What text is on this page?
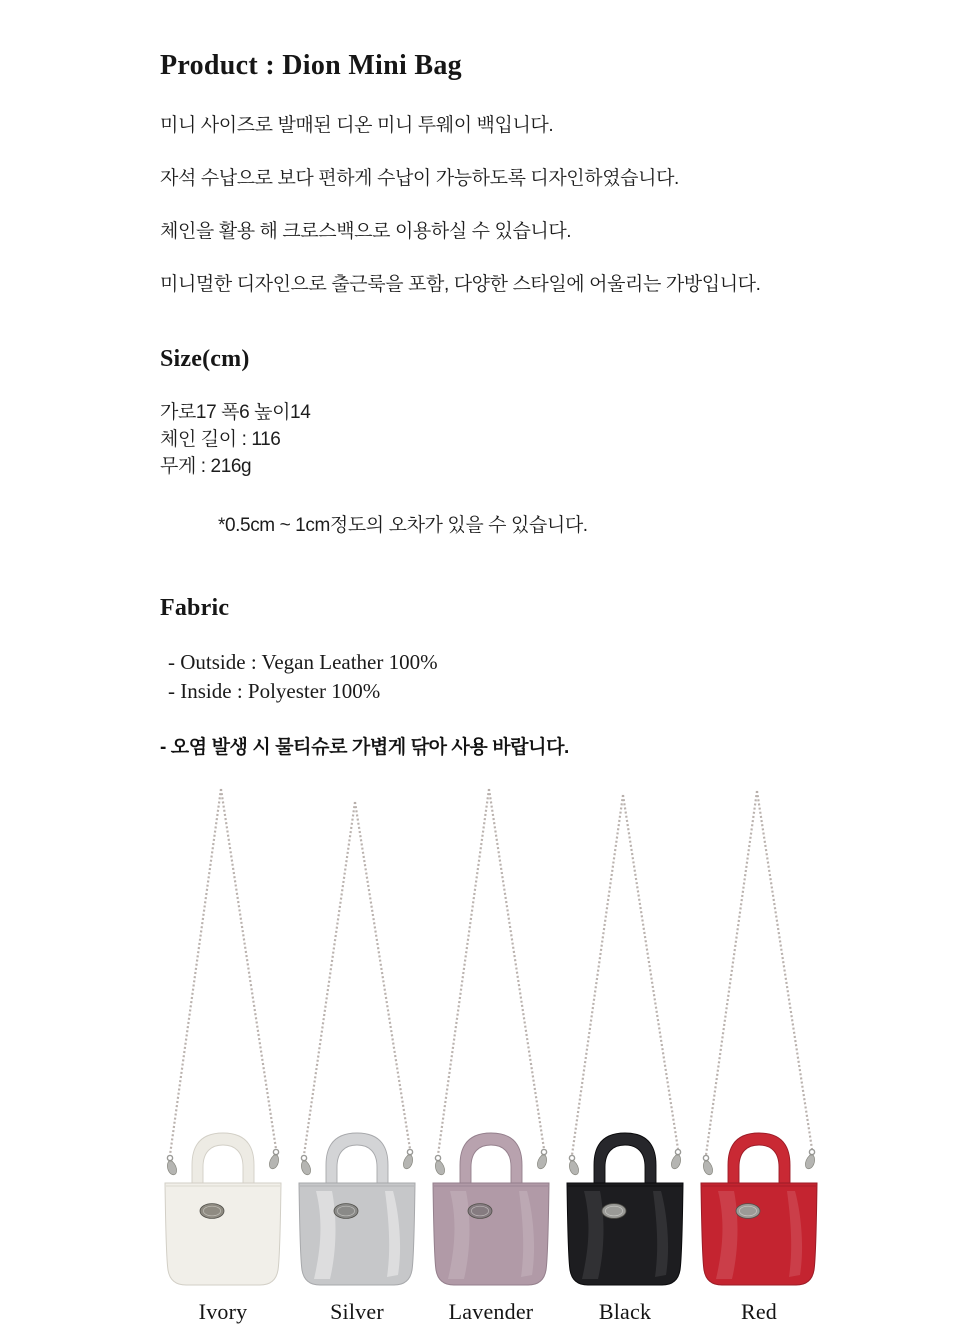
Product : Dion Mini Bag

미니 사이즈로 발매된 디온 미니 투웨이 백입니다.

자석 수납으로 보다 편하게 수납이 가능하도록 디자인하였습니다.

체인을 활용 해 크로스백으로 이용하실 수 있습니다.

미니멀한 디자인으로 출근룩을 포함, 다양한 스타일에 어울리는 가방입니다.

Size(cm)
가로17 폭6 높이14
체인 길이 : 116
무게 : 216g
*0.5cm ~ 1cm정도의 오차가 있을 수 있습니다.
Fabric
- Outside : Vegan Leather 100%
- Inside : Polyester 100%
- 오염 발생 시 물티슈로 가볍게 닦아 사용 바랍니다.
Ivory	Silver	Lavender	Black	Red
